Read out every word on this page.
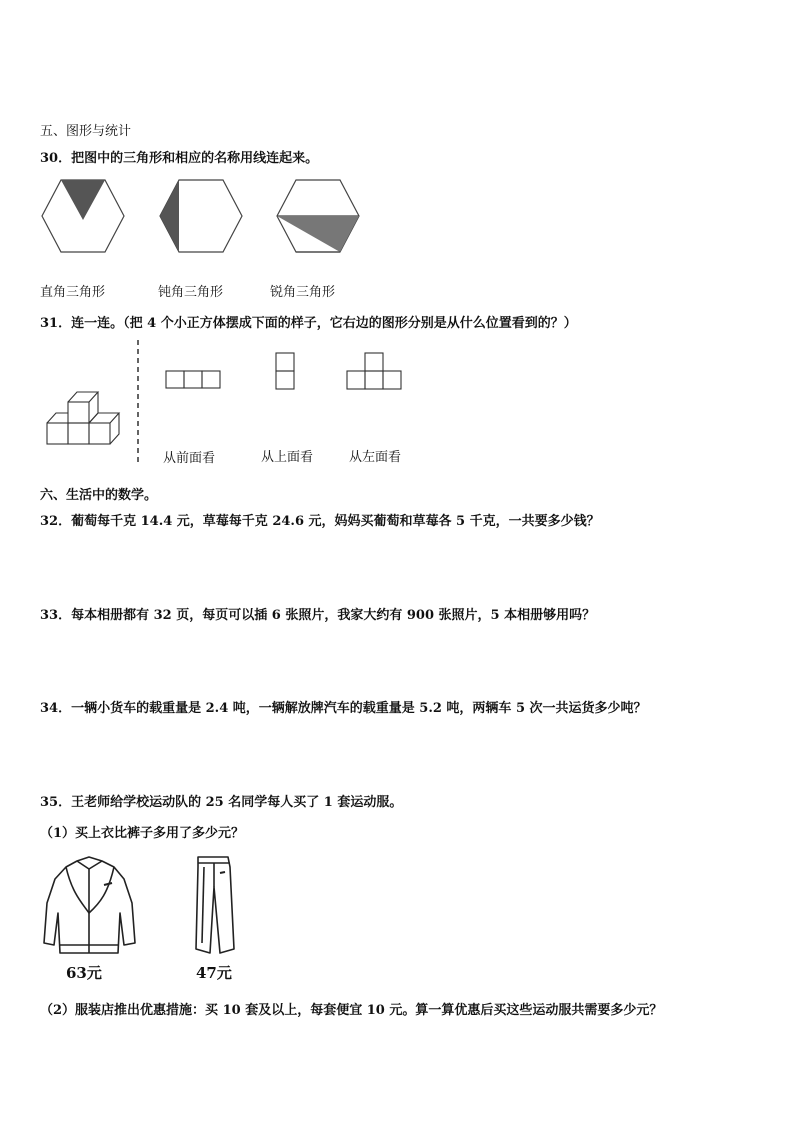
五、图形与统计
30．把图中的三角形和相应的名称用线连起来。
直角三角形	钝角三角形	锐角三角形
31．连一连。（把 4 个小正方体摆成下面的样子，它右边的图形分别是从什么位置看到的？）
从前面看	从上面看	从左面看
六、生活中的数学。
32．葡萄每千克 14.4 元，草莓每千克 24.6 元，妈妈买葡萄和草莓各 5 千克，一共要多少钱？
33．每本相册都有 32 页，每页可以插 6 张照片，我家大约有 900 张照片，5 本相册够用吗？
34．一辆小货车的载重量是 2.4 吨，一辆解放牌汽车的载重量是 5.2 吨，两辆车 5 次一共运货多少吨？
35．王老师给学校运动队的 25 名同学每人买了 1 套运动服。
（1）买上衣比裤子多用了多少元？
63元	47元
（2）服装店推出优惠措施：买 10 套及以上，每套便宜 10 元。算一算优惠后买这些运动服共需要多少元？
